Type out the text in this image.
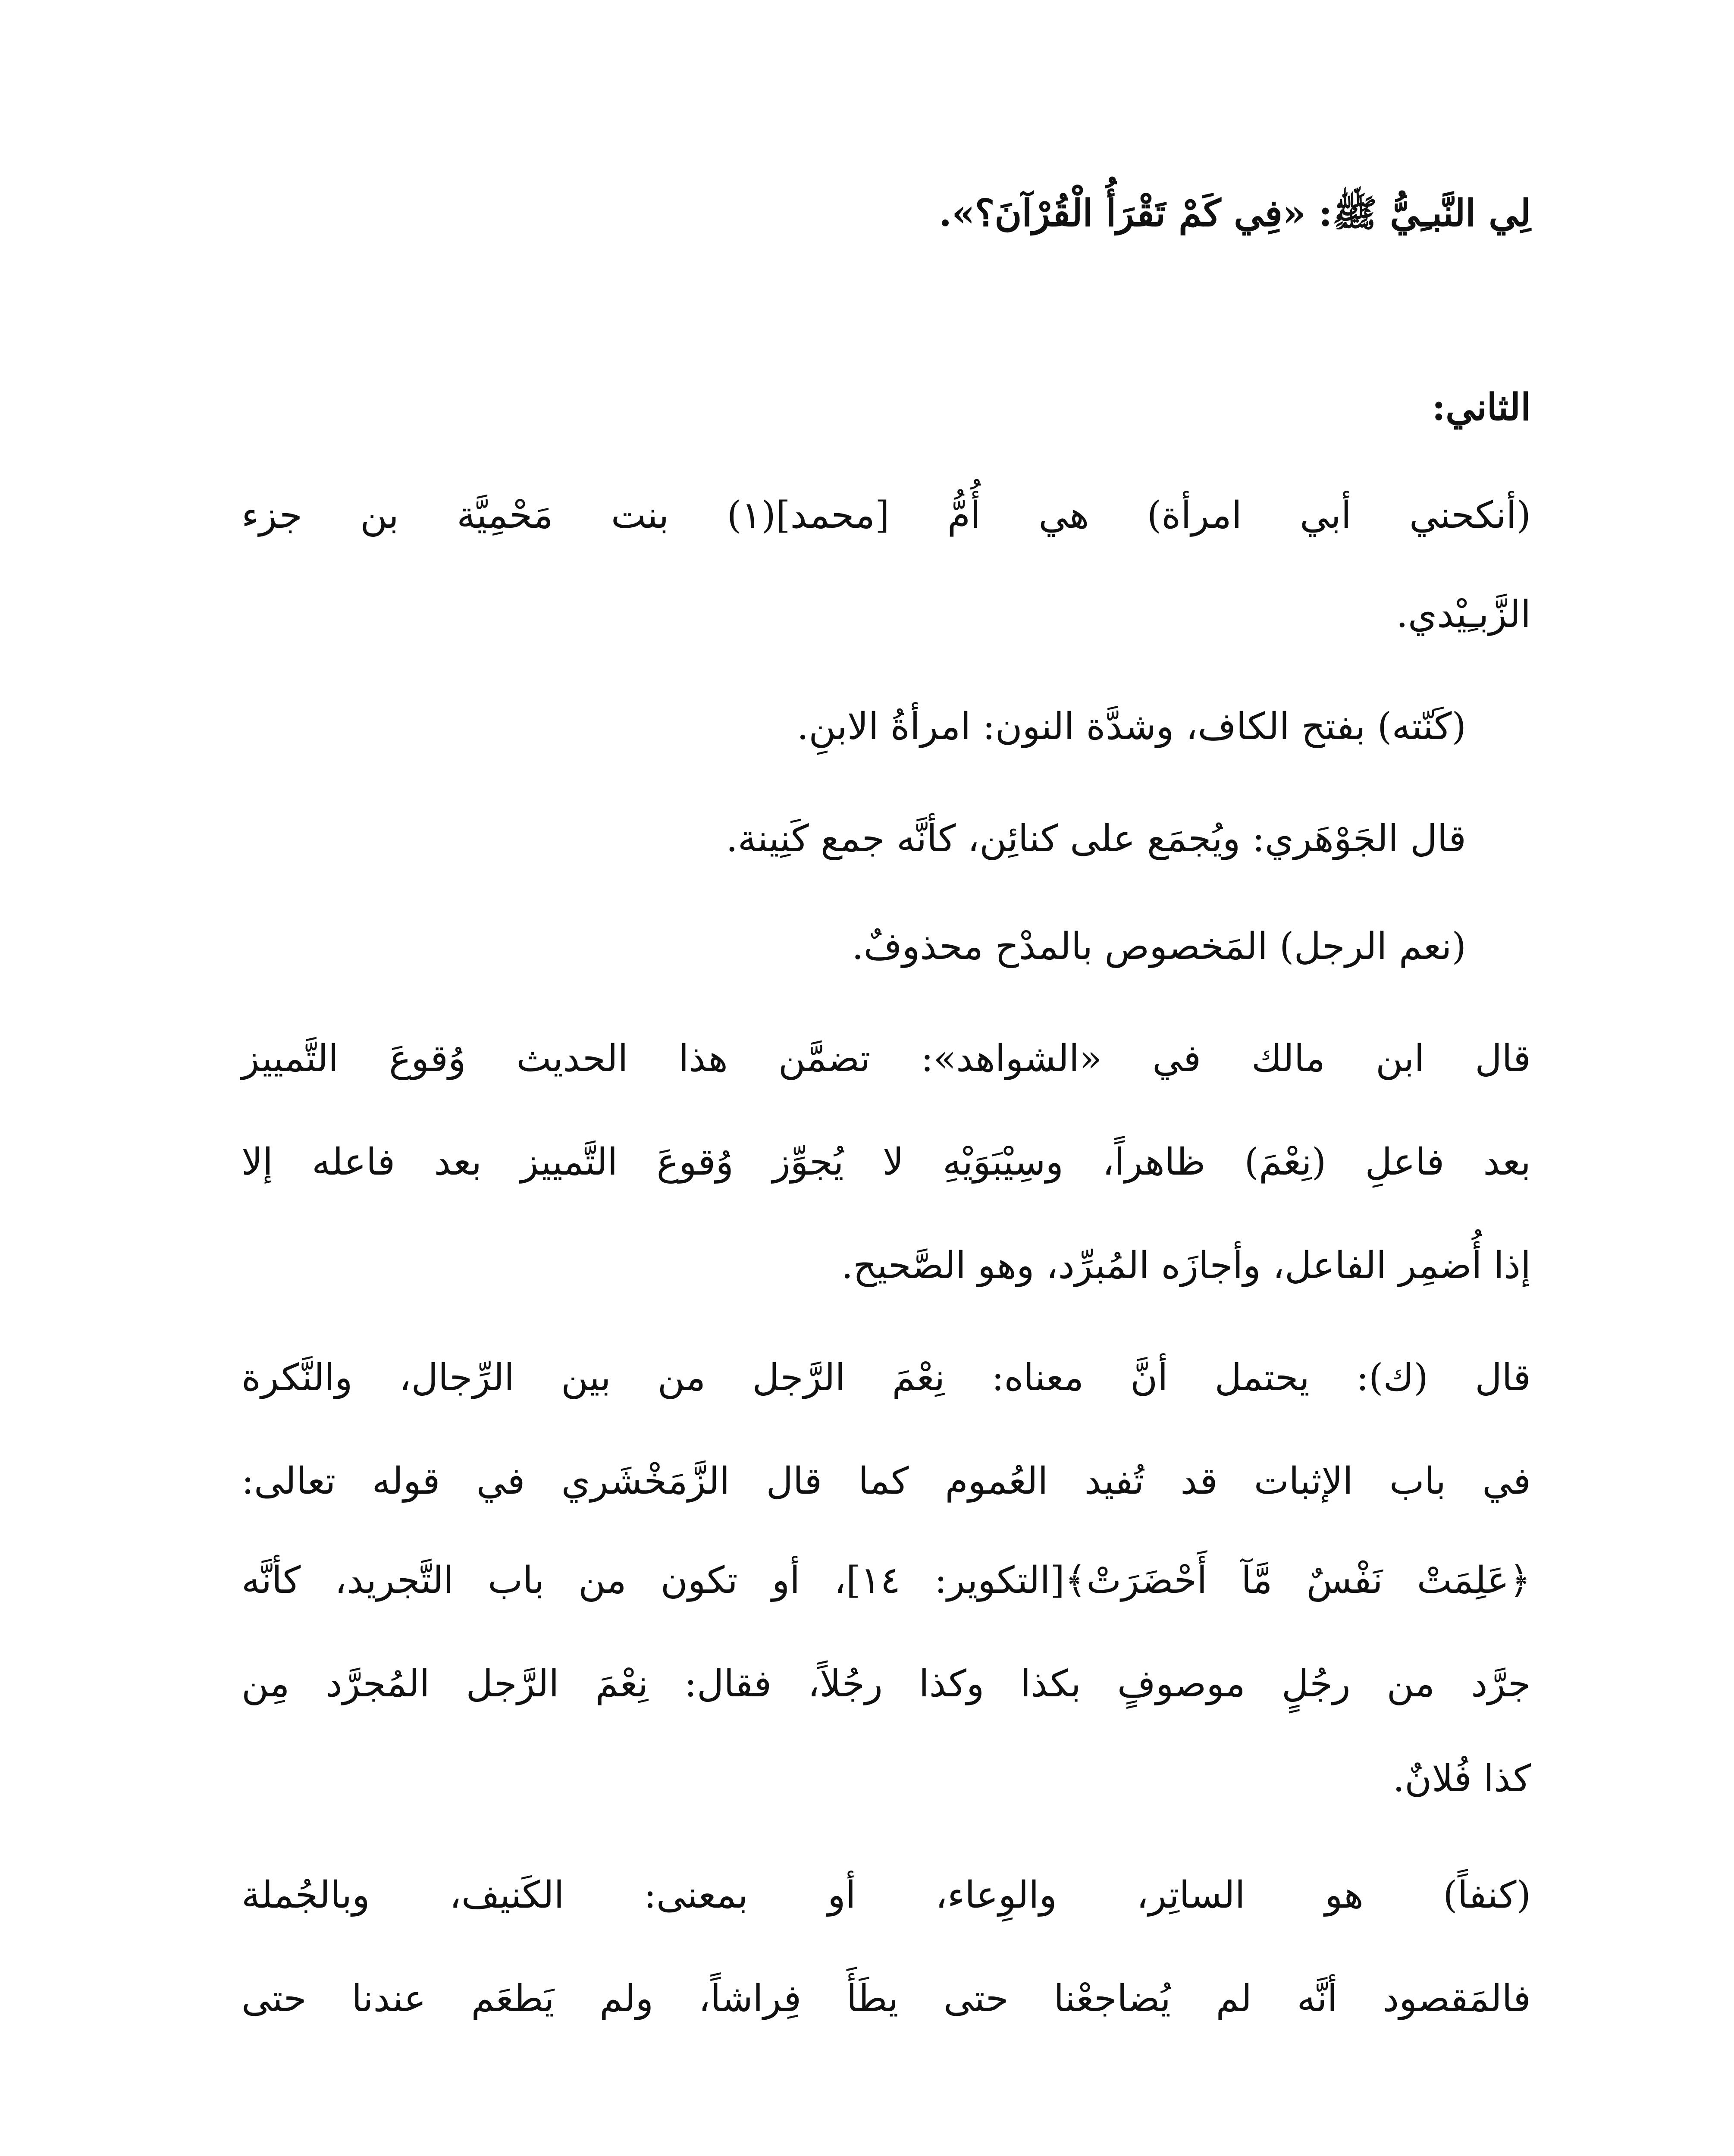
لِي النَّبـِيُّ ﷺ: «فِي كَمْ تَقْرَأُ الْقُرْآنَ؟».
الثاني:
(أنكحني أبي امرأة) هي أُمُّ [محمد](١) بنت مَحْمِيَّة بن جزء
الزَّبـِيْدي.
(كَنّته) بفتح الكاف، وشدَّة النون: امرأةُ الابنِ.
قال الجَوْهَري: ويُجمَع على كنائِن، كأنَّه جمع كَنِينة.
(نعم الرجل) المَخصوص بالمدْح محذوفٌ.
قال ابن مالك في «الشواهد»: تضمَّن هذا الحديث وُقوعَ التَّمييز
بعد فاعلِ (نِعْمَ) ظاهراً، وسِيْبَوَيْهِ لا يُجوِّز وُقوعَ التَّمييز بعد فاعله إلا
إذا أُضمِر الفاعل، وأجازَه المُبرِّد، وهو الصَّحيح.
قال (ك): يحتمل أنَّ معناه: نِعْمَ الرَّجل من بين الرِّجال، والنَّكرة
في باب الإثبات قد تُفيد العُموم كما قال الزَّمَخْشَري في قوله تعالى:
﴿عَلِمَتْ نَفْسٌ مَّآ أَحْضَرَتْ﴾[التكوير: ١٤]، أو تكون من باب التَّجريد، كأنَّه
جرَّد من رجُلٍ موصوفٍ بكذا وكذا رجُلاً، فقال: نِعْمَ الرَّجل المُجرَّد مِن
كذا فُلانٌ.
(كنفاً) هو الساتِر، والوِعاء، أو بمعنى: الكَنيف، وبالجُملة
فالمَقصود أنَّه لم يُضاجعْنا حتى يطَأَ فِراشاً، ولم يَطعَم عندنا حتى
